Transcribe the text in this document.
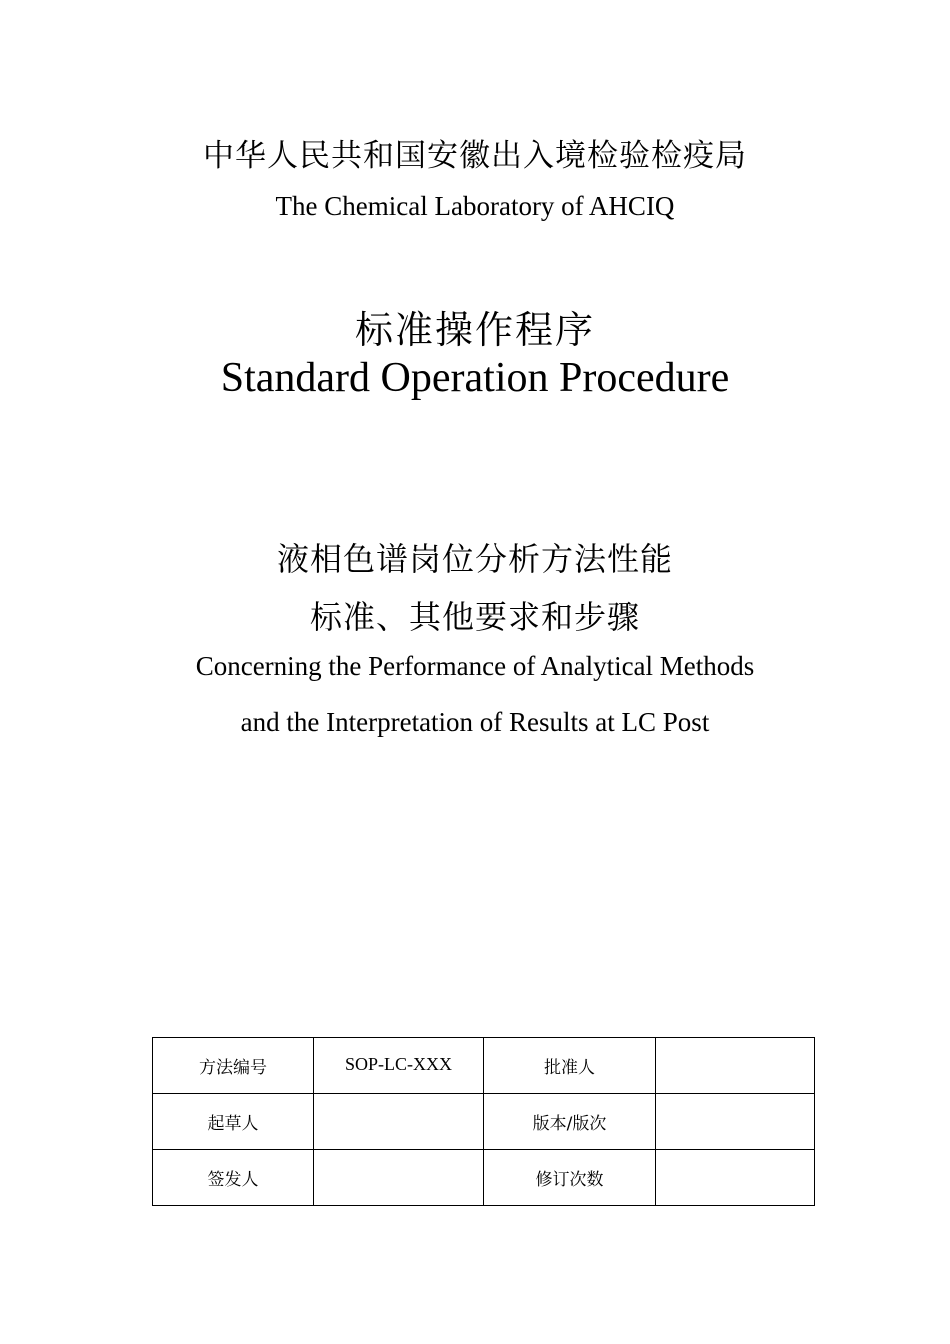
中华人民共和国安徽出入境检验检疫局
The Chemical Laboratory of AHCIQ
标准操作程序
Standard Operation Procedure
液相色谱岗位分析方法性能
标准、其他要求和步骤
Concerning the Performance of Analytical Methods
and the Interpretation of Results at LC Post
方法编号	SOP-LC-XXX	批准人	
起草人		版本/版次	
签发人		修订次数	
